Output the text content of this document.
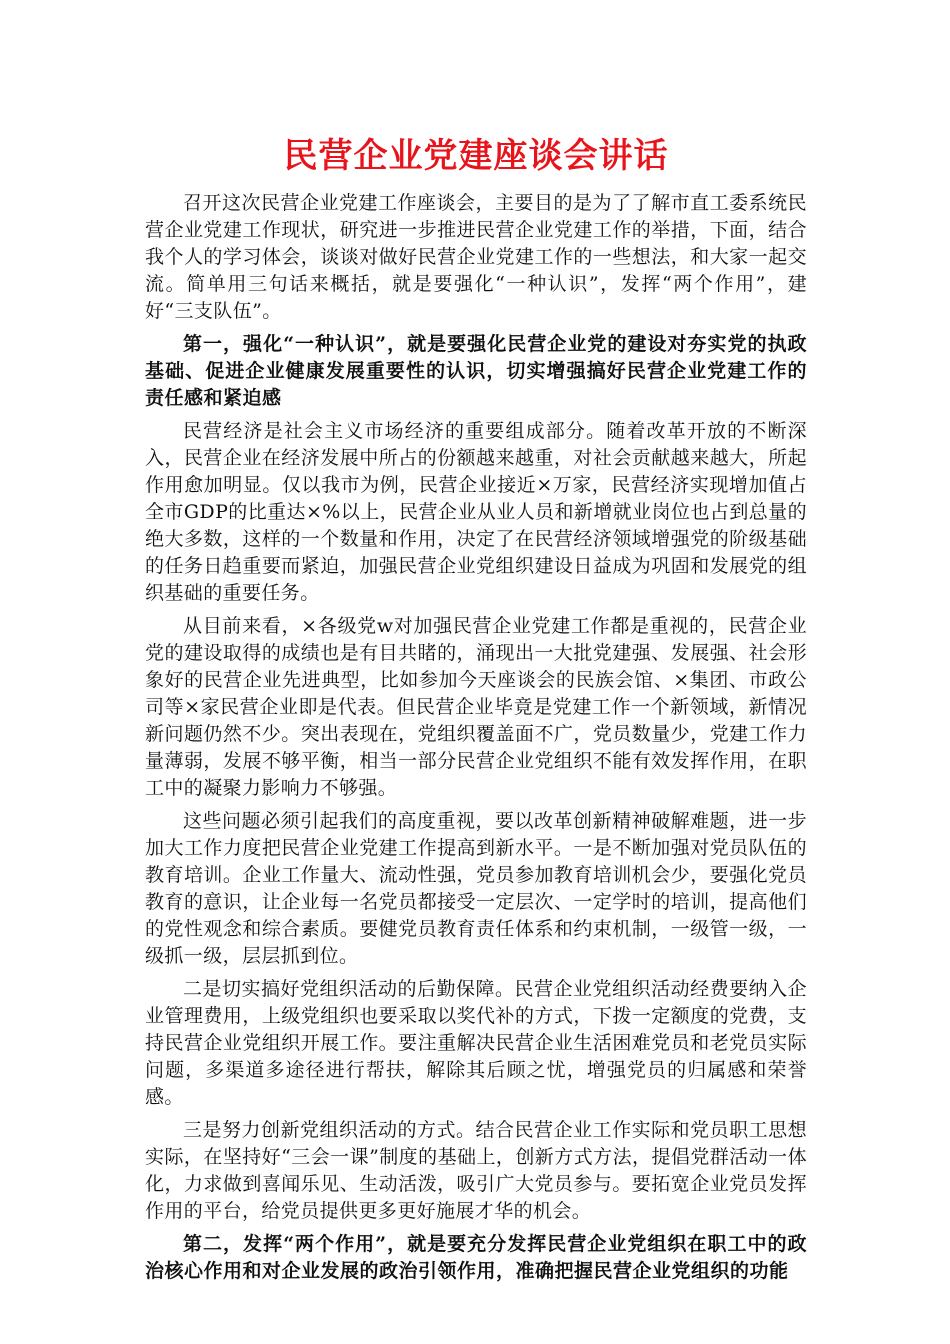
民营企业党建座谈会讲话

召开这次民营企业党建工作座谈会，主要目的是为了了解市直工委系统民营企业党建工作现状，研究进一步推进民营企业党建工作的举措，下面，结合我个人的学习体会，谈谈对做好民营企业党建工作的一些想法，和大家一起交流。简单用三句话来概括，就是要强化“一种认识”，发挥“两个作用”，建好“三支队伍”。

第一，强化“一种认识”，就是要强化民营企业党的建设对夯实党的执政基础、促进企业健康发展重要性的认识，切实增强搞好民营企业党建工作的责任感和紧迫感

民营经济是社会主义市场经济的重要组成部分。随着改革开放的不断深入，民营企业在经济发展中所占的份额越来越重，对社会贡献越来越大，所起作用愈加明显。仅以我市为例，民营企业接近×万家，民营经济实现增加值占全市GDP的比重达×%以上，民营企业从业人员和新增就业岗位也占到总量的绝大多数，这样的一个数量和作用，决定了在民营经济领域增强党的阶级基础的任务日趋重要而紧迫，加强民营企业党组织建设日益成为巩固和发展党的组织基础的重要任务。

从目前来看，×各级党w对加强民营企业党建工作都是重视的，民营企业党的建设取得的成绩也是有目共睹的，涌现出一大批党建强、发展强、社会形象好的民营企业先进典型，比如参加今天座谈会的民族会馆、×集团、市政公司等×家民营企业即是代表。但民营企业毕竟是党建工作一个新领域，新情况新问题仍然不少。突出表现在，党组织覆盖面不广，党员数量少，党建工作力量薄弱，发展不够平衡，相当一部分民营企业党组织不能有效发挥作用，在职工中的凝聚力影响力不够强。

这些问题必须引起我们的高度重视，要以改革创新精神破解难题，进一步加大工作力度把民营企业党建工作提高到新水平。一是不断加强对党员队伍的教育培训。企业工作量大、流动性强，党员参加教育培训机会少，要强化党员教育的意识，让企业每一名党员都接受一定层次、一定学时的培训，提高他们的党性观念和综合素质。要健党员教育责任体系和约束机制，一级管一级，一级抓一级，层层抓到位。

二是切实搞好党组织活动的后勤保障。民营企业党组织活动经费要纳入企业管理费用，上级党组织也要采取以奖代补的方式，下拨一定额度的党费，支持民营企业党组织开展工作。要注重解决民营企业生活困难党员和老党员实际问题，多渠道多途径进行帮扶，解除其后顾之忧，增强党员的归属感和荣誉感。

三是努力创新党组织活动的方式。结合民营企业工作实际和党员职工思想实际，在坚持好“三会一课”制度的基础上，创新方式方法，提倡党群活动一体化，力求做到喜闻乐见、生动活泼，吸引广大党员参与。要拓宽企业党员发挥作用的平台，给党员提供更多更好施展才华的机会。

第二，发挥“两个作用”，就是要充分发挥民营企业党组织在职工中的政治核心作用和对企业发展的政治引领作用，准确把握民营企业党组织的功能
